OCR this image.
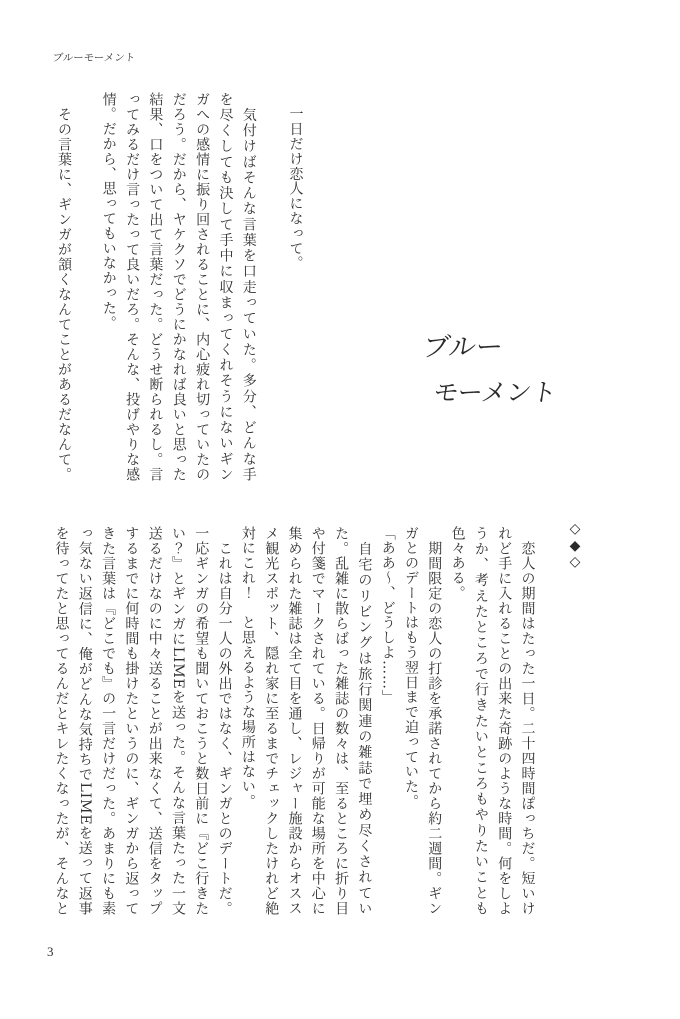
ブルーモーメント
ブルー
モーメント
　一日だけ恋人になって。
　気付けばそんな言葉を口走っていた。多分、どんな手
を尽くしても決して手中に収まってくれそうにないギン
ガへの感情に振り回されることに、内心疲れ切っていたの
だろう。だから、ヤケクソでどうにかなれば良いと思った
結果、口をついて出て言葉だった。どうせ断られるし。言
ってみるだけ言ったって良いだろ。そんな、投げやりな感
情。だから、思ってもいなかった。
　その言葉に、ギンガが頷くなんてことがあるだなんて。
◇
◆
◇
　恋人の期間はたった一日。二十四時間ぽっちだ。短いけ
れど手に入れることの出来た奇跡のような時間。何をしよ
うか、考えたところで行きたいところもやりたいことも
色々ある。
　期間限定の恋人の打診を承諾されてから約二週間。ギン
ガとのデートはもう翌日まで迫っていた。
「ああ〜、どうしよ……」
　自宅のリビングは旅行関連の雑誌で埋め尽くされてい
た。乱雑に散らばった雑誌の数々は、至るところに折り目
や付箋でマークされている。日帰りが可能な場所を中心に
集められた雑誌は全て目を通し、レジャー施設からオスス
メ観光スポット、隠れ家に至るまでチェックしたけれど絶
対にこれ！　と思えるような場所はない。
　これは自分一人の外出ではなく、ギンガとのデートだ。
一応ギンガの希望も聞いておこうと数日前に『どこ行きた
い？』とギンガにLIMEを送った。そんな言葉たった一文
送るだけなのに中々送ることが出来なくて、送信をタップ
するまでに何時間も掛けたというのに、ギンガから返って
きた言葉は『どこでも』の一言だけだった。あまりにも素
っ気ない返信に、俺がどんな気持ちでLIMEを送って返事
を待ってたと思ってるんだとキレたくなったが、そんなと
3
